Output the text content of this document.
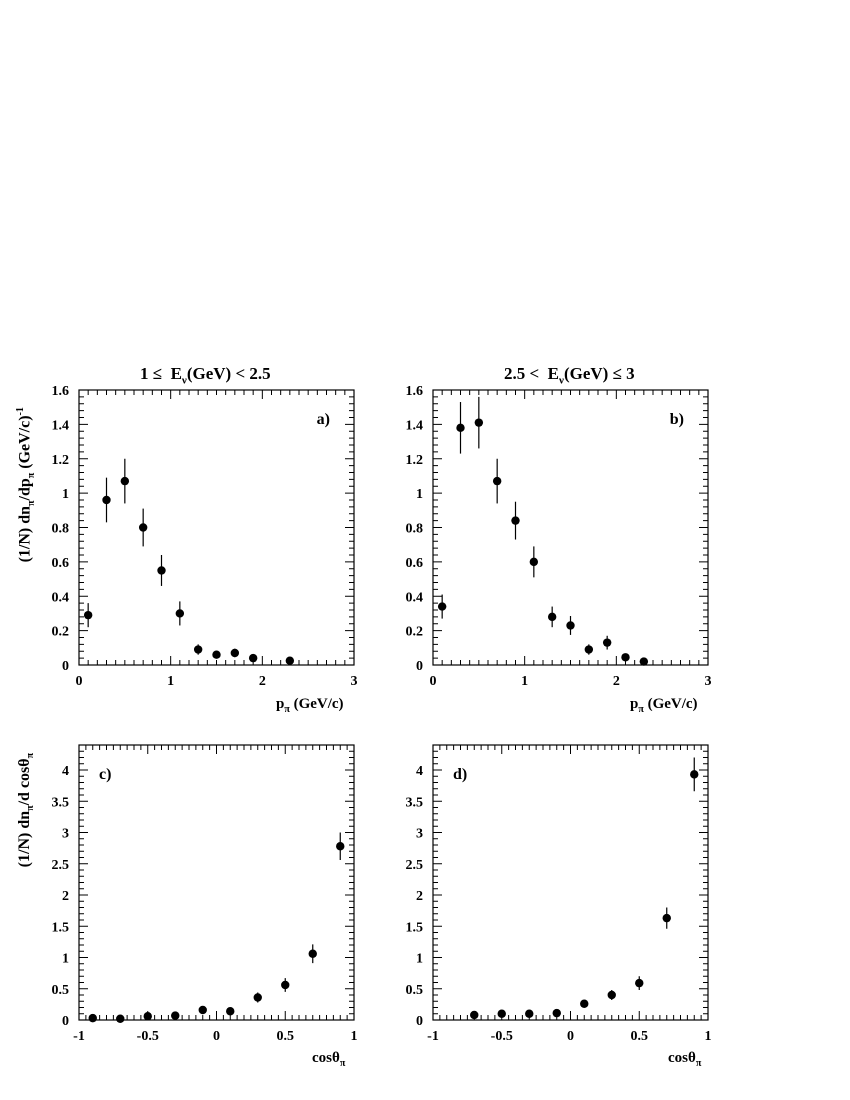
$1 \le E_\nu(GeV) < 2.5$	$2.5 < E_\nu(GeV) \le 3$
(1/N) $dn_\pi/dp_\pi$ $(GeV/c)^{-1}$
(1/N) $dn_\pi/d$ cosθ$_\pi$
$p_\pi$ (GeV/c)	$p_\pi$ (GeV/c)
cosθ$_\pi$	cosθ$_\pi$
0	1	2	3
0
0.2
0.4
0.6
0.8
1
1.2
1.4
1.6
a)
0	1	2	3
0
0.2
0.4
0.6
0.8
1
1.2
1.4
1.6
b)
-1	-0.5	0	0.5	1
0
0.5
1
1.5
2
2.5
3
3.5
4 c)
-1	-0.5	0	0.5	1
0
0.5
1
1.5
2
2.5
3
3.5
4 d)
